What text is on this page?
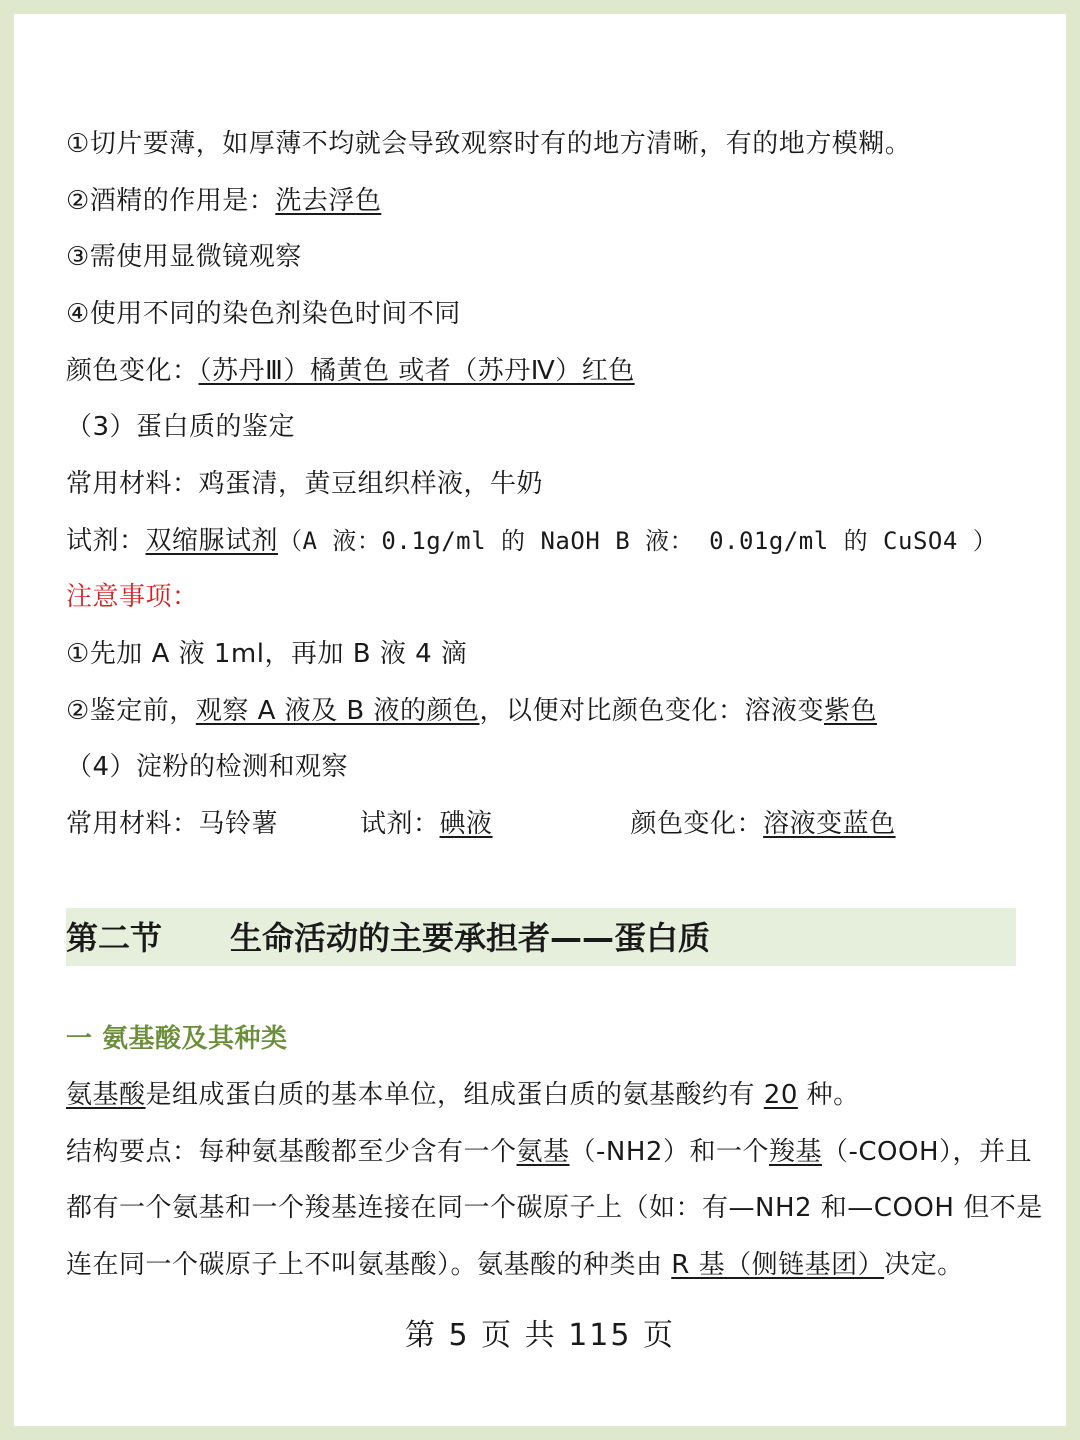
①切片要薄，如厚薄不均就会导致观察时有的地方清晰，有的地方模糊。
②酒精的作用是：洗去浮色
③需使用显微镜观察
④使用不同的染色剂染色时间不同
颜色变化：（苏丹Ⅲ）橘黄色 或者（苏丹Ⅳ）红色
（3）蛋白质的鉴定
常用材料：鸡蛋清，黄豆组织样液，牛奶
试剂：双缩脲试剂（A 液：0.1g/ml 的 NaOH B 液： 0.01g/ml 的 CuSO4 ）
注意事项：
①先加 A 液 1ml，再加 B 液 4 滴
②鉴定前，观察 A 液及 B 液的颜色，以便对比颜色变化：溶液变紫色
（4）淀粉的检测和观察
常用材料：马铃薯	试剂：碘液	颜色变化：溶液变蓝色
第二节 生命活动的主要承担者——蛋白质
一 氨基酸及其种类
氨基酸是组成蛋白质的基本单位，组成蛋白质的氨基酸约有 20 种。
结构要点：每种氨基酸都至少含有一个氨基（-NH2）和一个羧基（-COOH），并且
都有一个氨基和一个羧基连接在同一个碳原子上（如：有—NH2 和—COOH 但不是
连在同一个碳原子上不叫氨基酸）。氨基酸的种类由 R 基（侧链基团）决定。
第 5 页 共 115 页
